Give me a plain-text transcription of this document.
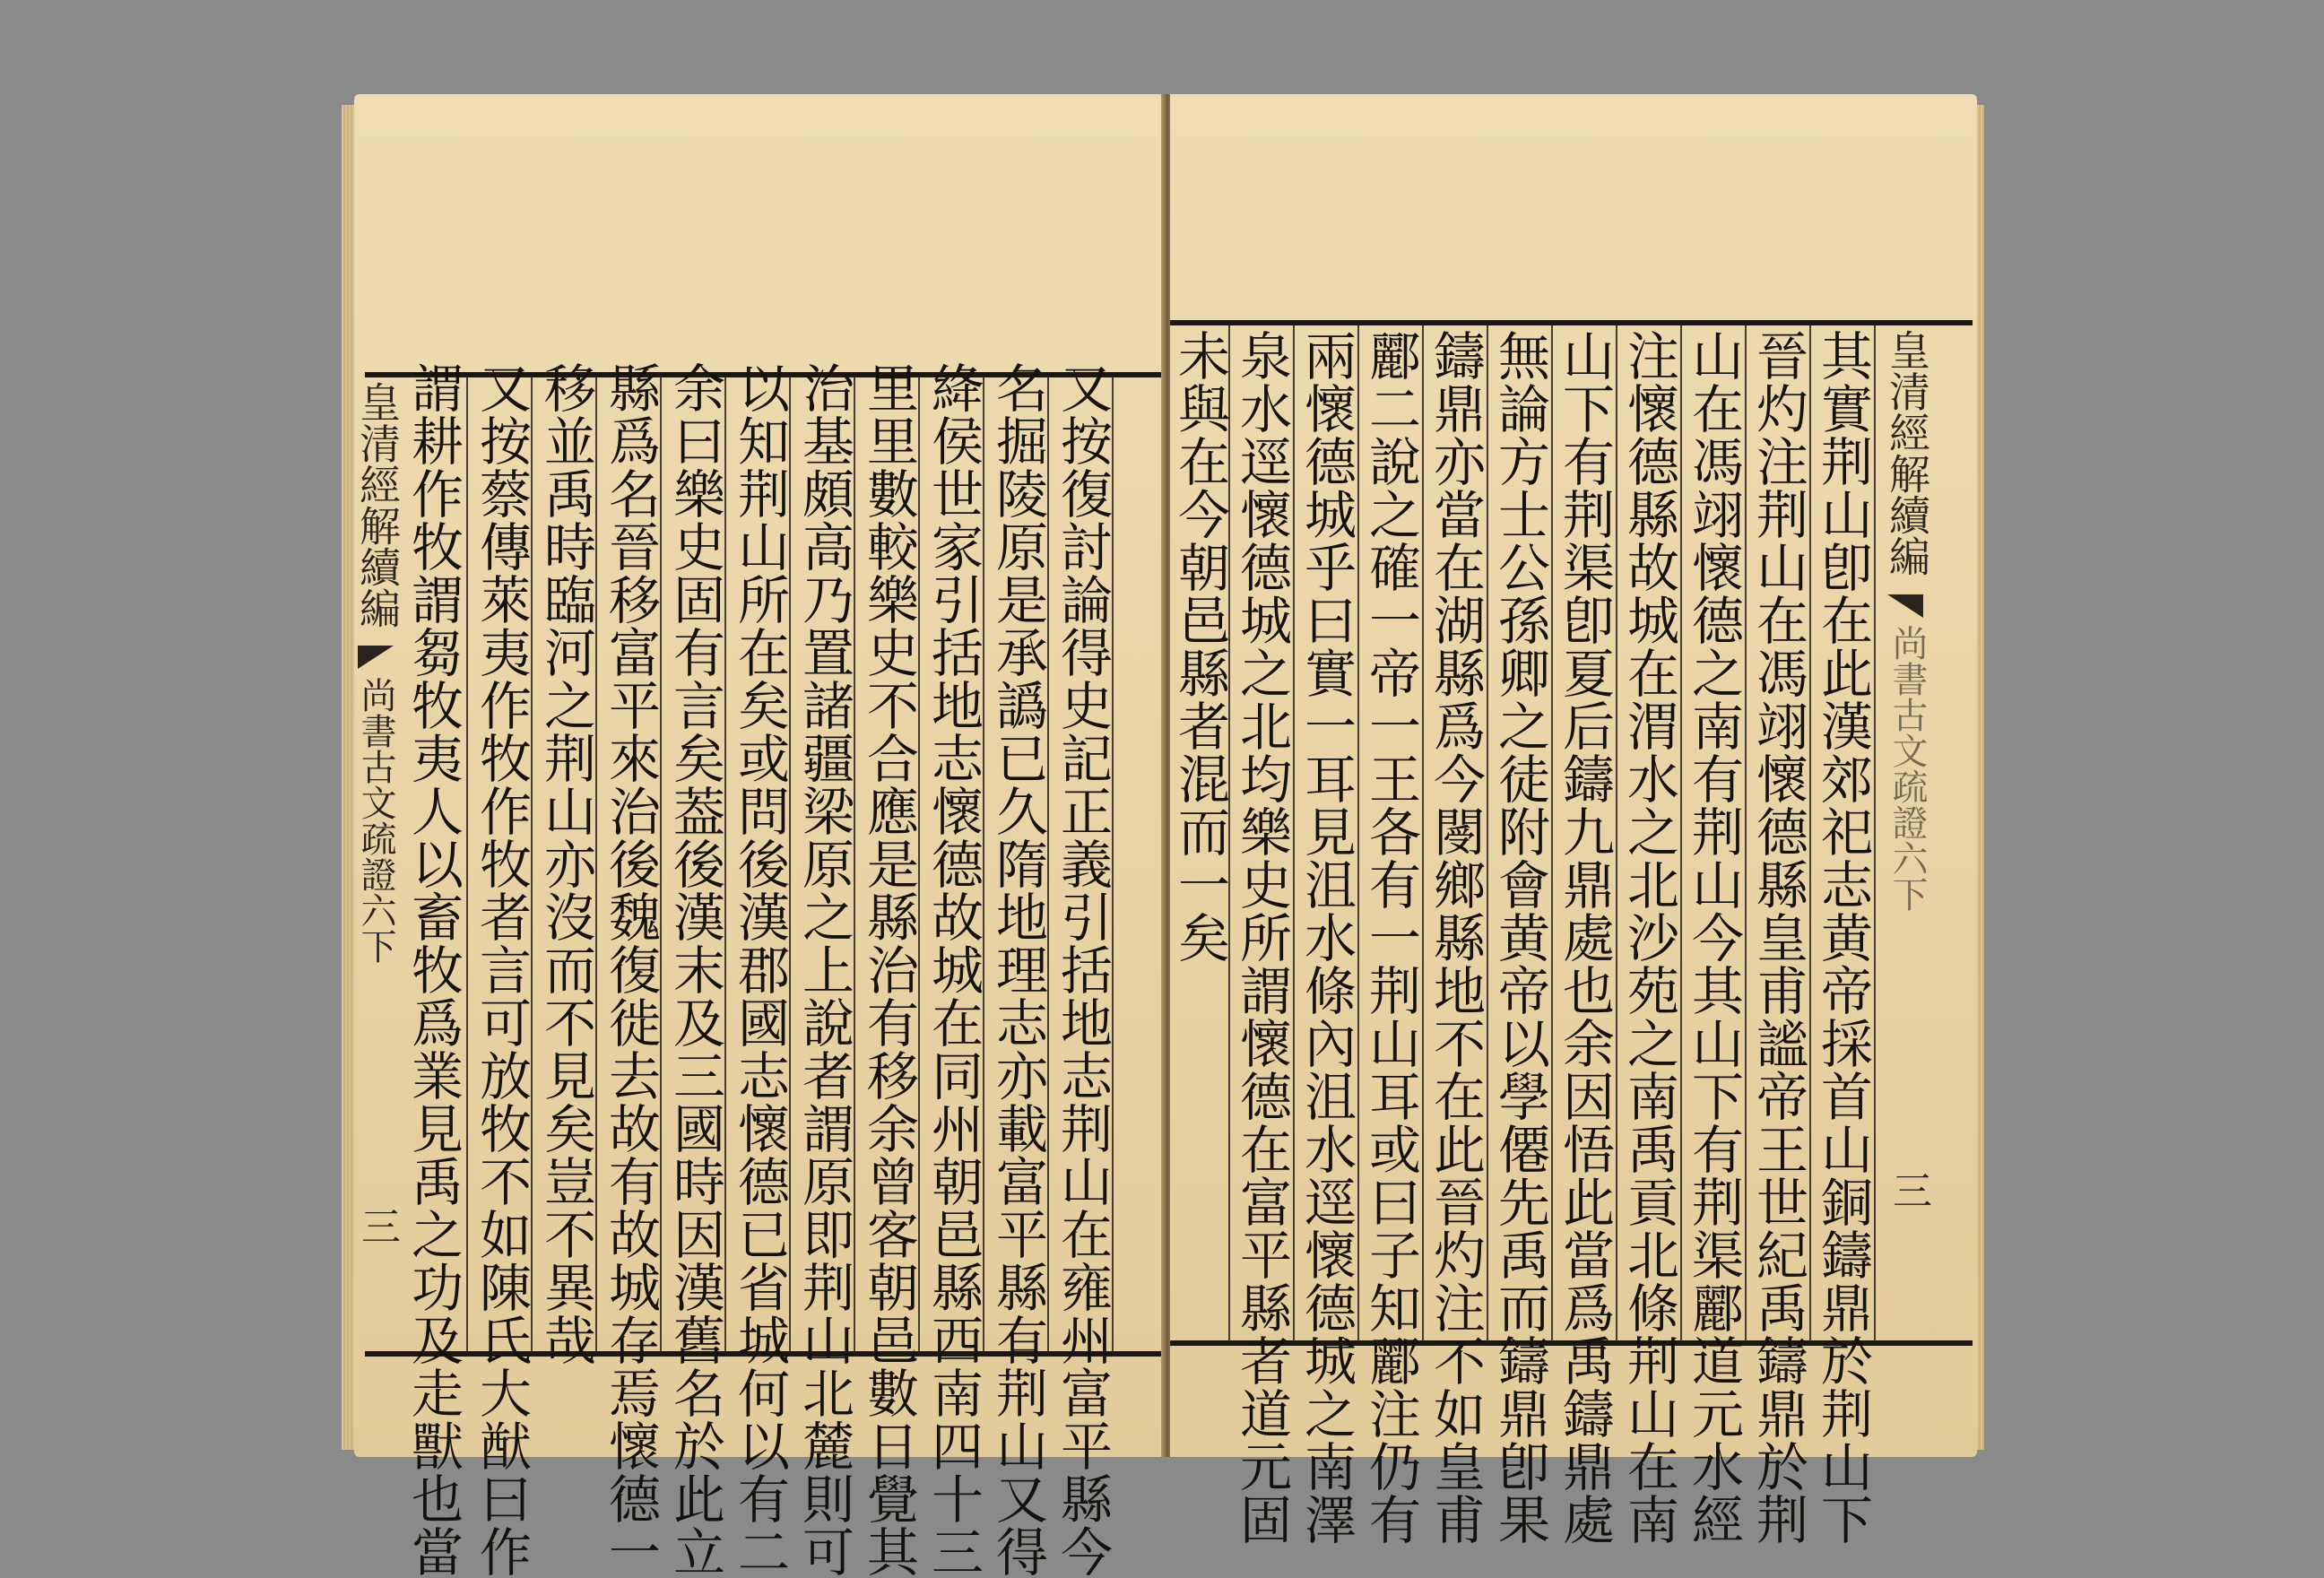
又按復討論得史記正義引括地志荆山在雍州富平縣今
名掘陵原是承譌已久隋地理志亦載富平縣有荆山又得
絳侯世家引括地志懷德故城在同州朝邑縣西南四十三
里里數較樂史不合應是縣治有移余曾客朝邑數日覺其
治基頗高乃置諸疆梁原之上說者謂原即荆山北麓則可
以知荆山所在矣或問後漢郡國志懷德已省城何以有二
余曰樂史固有言矣葢後漢末及三國時因漢舊名於此立
縣爲名晉移富平來治後魏復徙去故有故城存焉懷德一
移並禹時臨河之荆山亦沒而不見矣豈不異哉
又按蔡傳萊夷作牧作牧者言可放牧不如陳氏大猷曰作
謂耕作牧謂芻牧夷人以畜牧爲業見禹之功及走獸也當
皇清經解續編
尚書古文疏證六下
三	其實荆山卽在此漢郊祀志黄帝採首山銅鑄鼎於荆山下
晉灼注荆山在馮翊懷德縣皇甫謐帝王世紀禹鑄鼎於荆
山在馮翊懷德之南有荆山今其山下有荆渠酈道元水經
注懷德縣故城在渭水之北沙苑之南禹貢北條荆山在南
山下有荆渠卽夏后鑄九鼎處也余因悟此當爲禹鑄鼎處
無論方士公孫卿之徒附會黄帝以學僊先禹而鑄鼎卽果
鑄鼎亦當在湖縣爲今閿鄉縣地不在此晉灼注不如皇甫
酈二說之確一帝一王各有一荆山耳或曰子知酈注仍有
兩懷德城乎曰實一耳見沮水條內沮水逕懷德城之南澤
泉水逕懷德城之北均樂史所謂懷德在富平縣者道元固
未與在今朝邑縣者混而一矣	皇清經解續編
尚書古文疏證六下
三
